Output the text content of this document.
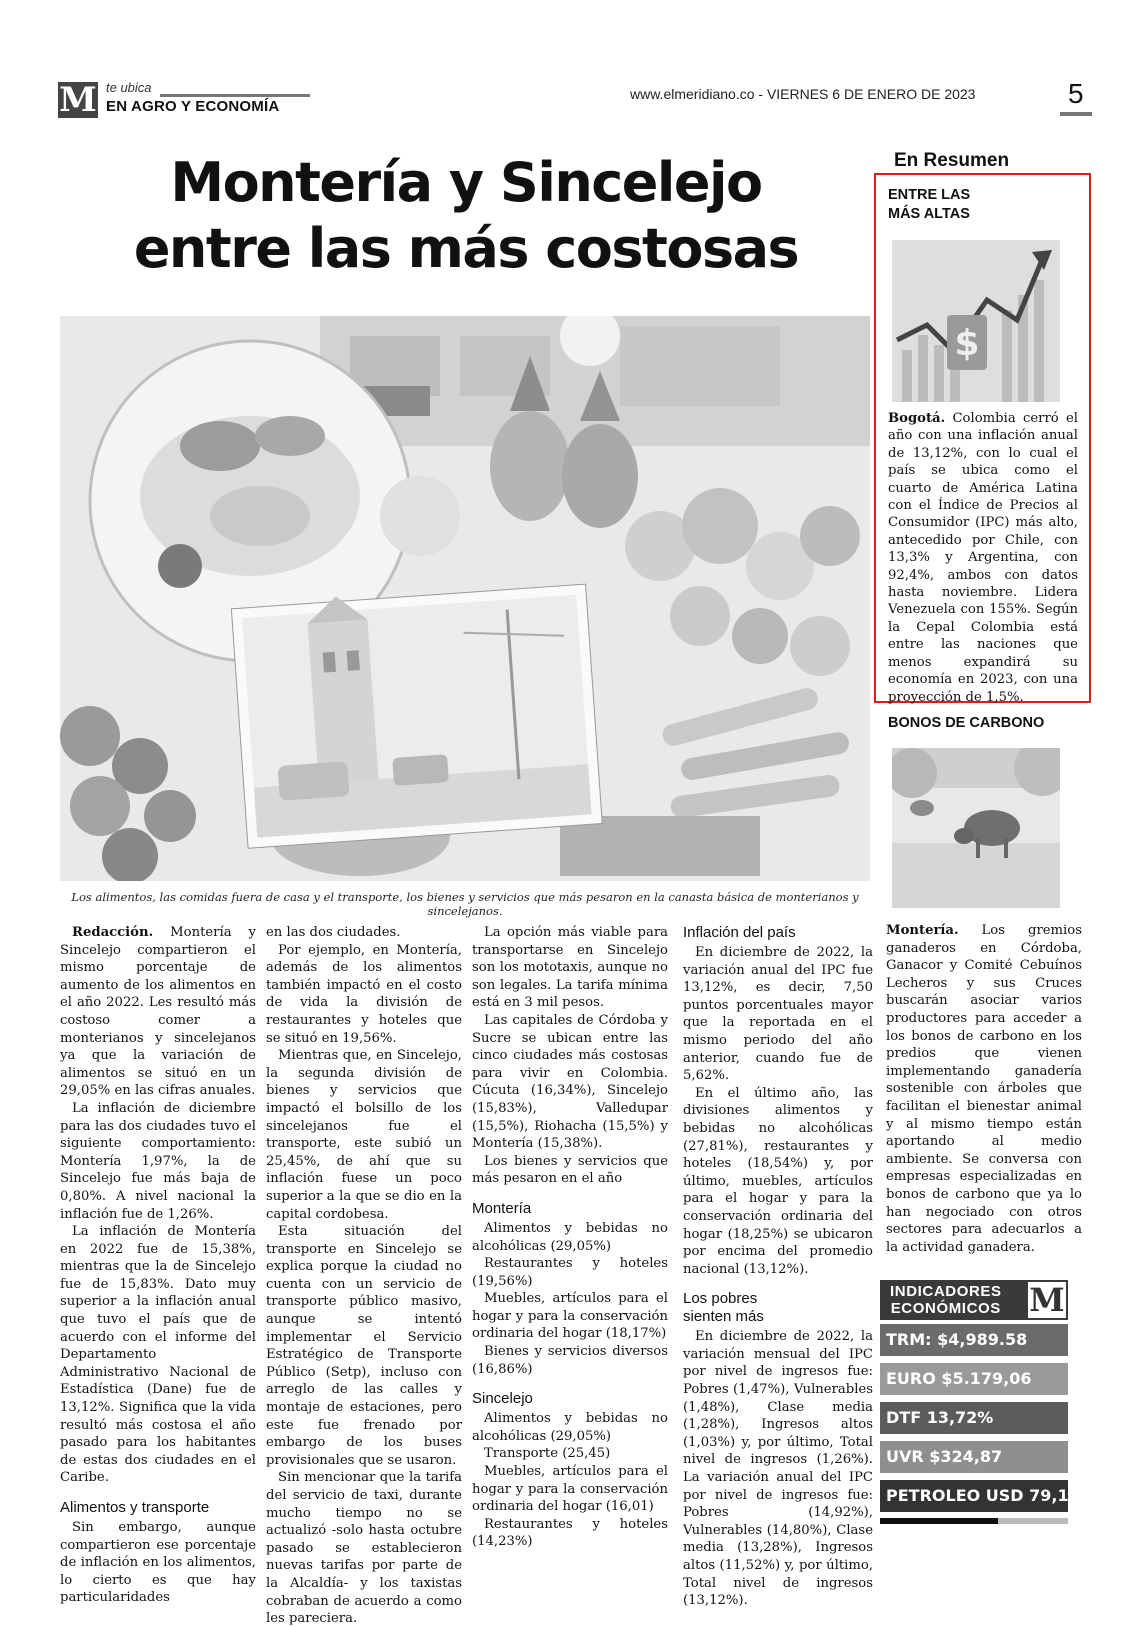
M te ubica
EN AGRO Y ECONOMÍA
www.elmeridiano.co - VIERNES 6 DE ENERO DE 2023	5
Montería y Sincelejo
entre las más costosas
Los alimentos, las comidas fuera de casa y el transporte, los bienes y servicios que más pesaron en la canasta básica de monterianos y sincelejanos.

Redacción. Montería y Sincelejo compartieron el mismo porcentaje de aumento de los alimentos en el año 2022. Les resultó más costoso comer a monterianos y sincelejanos ya que la variación de alimentos se situó en un 29,05% en las cifras anuales.

La inflación de diciembre para las dos ciudades tuvo el siguiente comportamiento: Montería 1,97%, la de Sincelejo fue más baja de 0,80%. A nivel nacional la inflación fue de 1,26%.

La inflación de Montería en 2022 fue de 15,38%, mientras que la de Sincelejo fue de 15,83%. Dato muy superior a la inflación anual que tuvo el país que de acuerdo con el informe del Departamento Administrativo Nacional de Estadística (Dane) fue de 13,12%. Significa que la vida resultó más costosa el año pasado para los habitantes de estas dos ciudades en el Caribe.

Alimentos y transporte

Sin embargo, aunque compartieron ese porcentaje de inflación en los alimentos, lo cierto es que hay particularidades

en las dos ciudades.

Por ejemplo, en Montería, además de los alimentos también impactó en el costo de vida la división de restaurantes y hoteles que se situó en 19,56%.

Mientras que, en Sincelejo, la segunda división de bienes y servicios que impactó el bolsillo de los sincelejanos fue el transporte, este subió un 25,45%, de ahí que su inflación fuese un poco superior a la que se dio en la capital cordobesa.

Esta situación del transporte en Sincelejo se explica porque la ciudad no cuenta con un servicio de transporte público masivo, aunque se intentó implementar el Servicio Estratégico de Transporte Público (Setp), incluso con arreglo de las calles y montaje de estaciones, pero este fue frenado por embargo de los buses provisionales que se usaron.

Sin mencionar que la tarifa del servicio de taxi, durante mucho tiempo no se actualizó -solo hasta octubre pasado se establecieron nuevas tarifas por parte de la Alcaldía- y los taxistas cobraban de acuerdo a como les pareciera.

La opción más viable para transportarse en Sincelejo son los mototaxis, aunque no son legales. La tarifa mínima está en 3 mil pesos.

Las capitales de Córdoba y Sucre se ubican entre las cinco ciudades más costosas para vivir en Colombia. Cúcuta (16,34%), Sincelejo (15,83%), Valledupar (15,5%), Riohacha (15,5%) y Montería (15,38%).

Los bienes y servicios que más pesaron en el año

Montería

Alimentos y bebidas no alcohólicas (29,05%)

Restaurantes y hoteles (19,56%)

Muebles, artículos para el hogar y para la conservación ordinaria del hogar (18,17%)

Bienes y servicios diversos (16,86%)

Sincelejo

Alimentos y bebidas no alcohólicas (29,05%)

Transporte (25,45)

Muebles, artículos para el hogar y para la conservación ordinaria del hogar (16,01)

Restaurantes y hoteles (14,23%)

Inflación del país

En diciembre de 2022, la variación anual del IPC fue 13,12%, es decir, 7,50 puntos porcentuales mayor que la reportada en el mismo periodo del año anterior, cuando fue de 5,62%.

En el último año, las divisiones alimentos y bebidas no alcohólicas (27,81%), restaurantes y hoteles (18,54%) y, por último, muebles, artículos para el hogar y para la conservación ordinaria del hogar (18,25%) se ubicaron por encima del promedio nacional (13,12%).

Los pobres sienten más

En diciembre de 2022, la variación mensual del IPC por nivel de ingresos fue: Pobres (1,47%), Vulnerables (1,48%), Clase media (1,28%), Ingresos altos (1,03%) y, por último, Total nivel de ingresos (1,26%). La variación anual del IPC por nivel de ingresos fue: Pobres (14,92%), Vulnerables (14,80%), Clase media (13,28%), Ingresos altos (11,52%) y, por último, Total nivel de ingresos (13,12%).

En Resumen
ENTRE LAS
MÁS ALTAS
$
Bogotá. Colombia cerró el año con una inflación anual de 13,12%, con lo cual el país se ubica como el cuarto de América Latina con el Índice de Precios al Consumidor (IPC) más alto, antecedido por Chile, con 13,3% y Argentina, con 92,4%, ambos con datos hasta noviembre. Lidera Venezuela con 155%. Según la Cepal Colombia está entre las naciones que menos expandirá su economía en 2023, con una proyección de 1,5%.
BONOS DE CARBONO

Montería. Los gremios ganaderos en Córdoba, Ganacor y Comité Cebuínos Lecheros y sus Cruces buscarán asociar varios productores para acceder a los bonos de carbono en los predios que vienen implementando ganadería sostenible con árboles que facilitan el bienestar animal y al mismo tiempo están aportando al medio ambiente. Se conversa con empresas especializadas en bonos de carbono que ya lo han negociado con otros sectores para adecuarlos a la actividad ganadera.

INDICADORES
ECONÓMICOS M
TRM: $4,989.58
EURO $5.179,06
DTF 13,72%
UVR $324,87
PETROLEO USD 79,13
